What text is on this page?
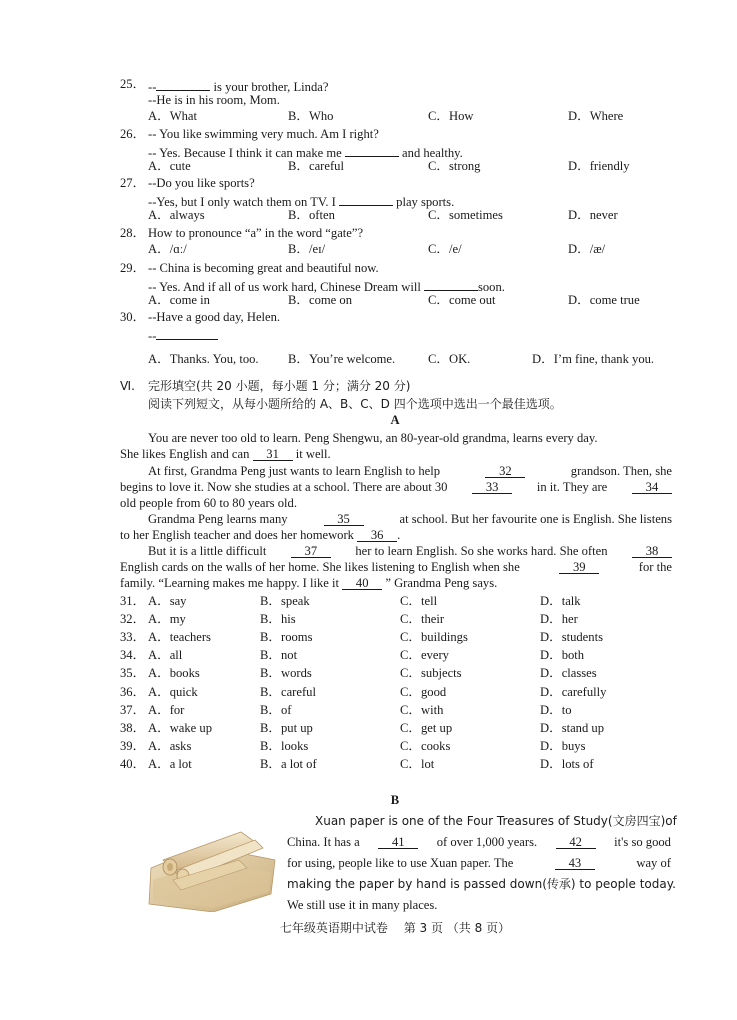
25． --	is your brother, Linda?
--He is in his room, Mom.
A．What	B．Who	C．How	D．Where
26． -- You like swimming very much. Am I right?
-- Yes. Because I think it can make me	and healthy.
A．cute	B．careful	C．strong	D．friendly
27． --Do you like sports?
--Yes, but I only watch them on TV. I	play sports.
A．always	B．often	C．sometimes	D．never
28． How to pronounce “a” in the word “gate”?
A．/ɑː/	B．/eɪ/	C．/e/	D．/æ/
29． -- China is becoming great and beautiful now.
-- Yes. And if all of us work hard, Chinese Dream will	soon.
A．come in	B．come on	C．come out	D．come true
30． --Have a good day, Helen.
--
A．Thanks. You, too. B．You’re welcome.	C．OK.	D．I’m fine, thank you.
Ⅵ. 完形填空(共 20 小题，每小题 1 分；满分 20 分)
阅读下列短文，从每小题所给的 A、B、C、D 四个选项中选出一个最佳选项。
A
You are never too old to learn. Peng Shengwu, an 80-year-old grandma, learns every day.
She likes English and can 31 it well.
At first, Grandma Peng just wants to learn English to help	32	grandson. Then, she
begins to love it. Now she studies at a school. There are about 30	33	in it. They are	34
old people from 60 to 80 years old.
Grandma Peng learns many	35	at school. But her favourite one is English. She listens
to her English teacher and does her homework 36 .
But it is a little difficult	37	her to learn English. So she works hard. She often	38
English cards on the walls of her home. She likes listening to English when she	39	for the
family. “Learning makes me happy. I like it 40 ” Grandma Peng says.
31． A．say	B．speak	C．tell	D．talk
32． A．my	B．his	C．their	D．her
33． A．teachers	B．rooms	C．buildings	D．students
34． A．all	B．not	C．every	D．both
35． A．books	B．words	C．subjects	D．classes
36． A．quick	B．careful	C．good	D．carefully
37． A．for	B．of	C．with	D．to
38． A．wake up	B．put up	C．get up	D．stand up
39． A．asks	B．looks	C．cooks	D．buys
40． A．a lot	B．a lot of	C．lot	D．lots of
B
Xuan paper is one of the Four Treasures of Study(文房四宝)of
China. It has a	41	of over 1,000 years.	42	it's so good
for using, people like to use Xuan paper. The	43	way of
making the paper by hand is passed down(传承) to people today.
We still use it in many places.
七年级英语期中试卷　 第 3 页 （共 8 页）
